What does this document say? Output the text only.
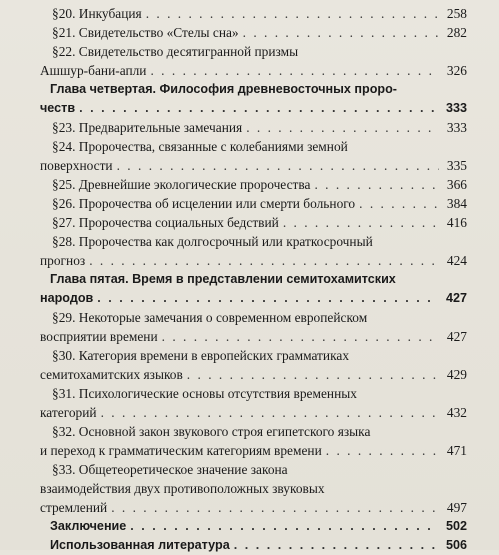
§20. Инкубация . . .	258
§21. Свидетельство «Стелы сна» . . .	282
§22. Свидетельство десятигранной призмы
Ашшур-бани-апли . . .	326
Глава четвертая. Философия древневосточных проро-
честв . . .	333
§23. Предварительные замечания . . .	333
§24. Пророчества, связанные с колебаниями земной
поверхности . . .	335
§25. Древнейшие экологические пророчества . . .	366
§26. Пророчества об исцелении или смерти больного . . .	384
§27. Пророчества социальных бедствий . . .	416
§28. Пророчества как долгосрочный или краткосрочный
прогноз . . .	424
Глава пятая. Время в представлении семитохамитских
народов . . .	427
§29. Некоторые замечания о современном европейском
восприятии времени . . .	427
§30. Категория времени в европейских грамматиках
семитохамитских языков . . .	429
§31. Психологические основы отсутствия временных
категорий . . .	432
§32. Основной закон звукового строя египетского языка
и переход к грамматическим категориям времени . . .	471
§33. Общетеоретическое значение закона
взаимодействия двух противоположных звуковых
стремлений . . .	497
Заключение . . .	502
Использованная литература . . .	506
